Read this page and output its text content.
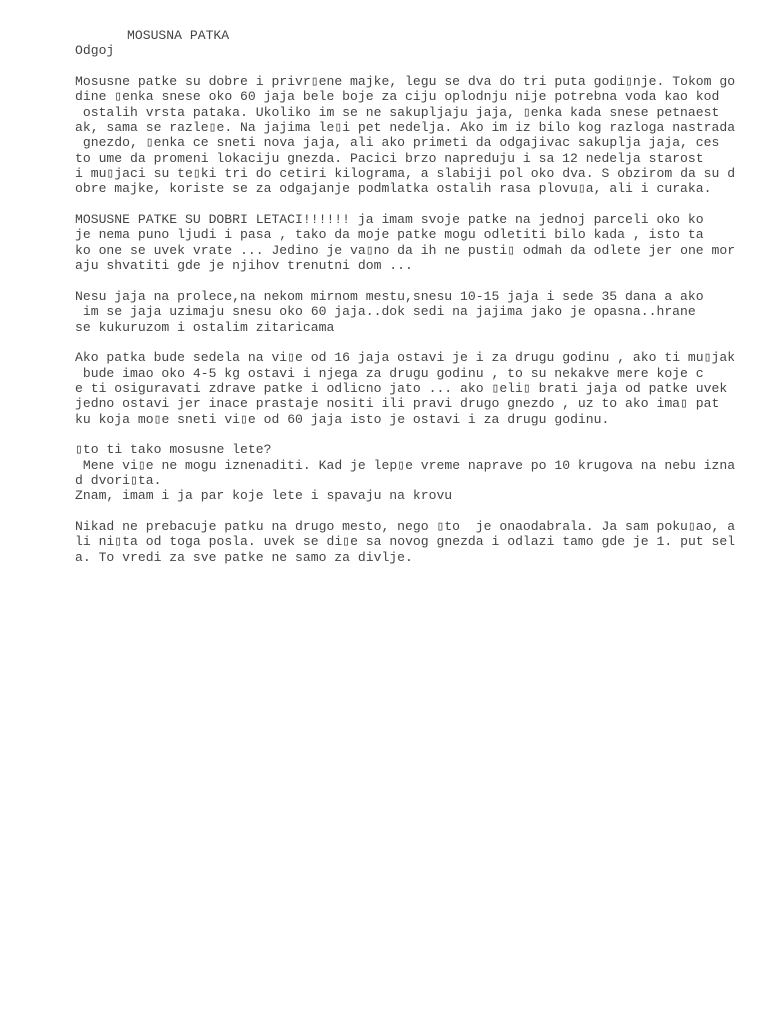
MOSUSNA PATKA
Odgoj
Mosusne patke su dobre i privr▯ene majke, legu se dva do tri puta godi▯nje. Tokom go
dine ▯enka snese oko 60 jaja bele boje za ciju oplodnju nije potrebna voda kao kod
ostalih vrsta pataka. Ukoliko im se ne sakupljaju jaja, ▯enka kada snese petnaest
ak, sama se razle▯e. Na jajima le▯i pet nedelja. Ako im iz bilo kog razloga nastrada
gnezdo, ▯enka ce sneti nova jaja, ali ako primeti da odgajivac sakuplja jaja, ces
to ume da promeni lokaciju gnezda. Pacici brzo napreduju i sa 12 nedelja starost
i mu▯jaci su te▯ki tri do cetiri kilograma, a slabiji pol oko dva. S obzirom da su d
obre majke, koriste se za odgajanje podmlatka ostalih rasa plovu▯a, ali i curaka.
MOSUSNE PATKE SU DOBRI LETACI!!!!!! ja imam svoje patke na jednoj parceli oko ko
je nema puno ljudi i pasa , tako da moje patke mogu odletiti bilo kada , isto ta
ko one se uvek vrate ... Jedino je va▯no da ih ne pusti▯ odmah da odlete jer one mor
aju shvatiti gde je njihov trenutni dom ...
Nesu jaja na prolece,na nekom mirnom mestu,snesu 10-15 jaja i sede 35 dana a ako
im se jaja uzimaju snesu oko 60 jaja..dok sedi na jajima jako je opasna..hrane
se kukuruzom i ostalim zitaricama
Ako patka bude sedela na vi▯e od 16 jaja ostavi je i za drugu godinu , ako ti mu▯jak
bude imao oko 4-5 kg ostavi i njega za drugu godinu , to su nekakve mere koje c
e ti osiguravati zdrave patke i odlicno jato ... ako ▯eli▯ brati jaja od patke uvek
jedno ostavi jer inace prastaje nositi ili pravi drugo gnezdo , uz to ako ima▯ pat
ku koja mo▯e sneti vi▯e od 60 jaja isto je ostavi i za drugu godinu.
▯to ti tako mosusne lete?
Mene vi▯e ne mogu iznenaditi. Kad je lep▯e vreme naprave po 10 krugova na nebu izna
d dvori▯ta.
Znam, imam i ja par koje lete i spavaju na krovu
Nikad ne prebacuje patku na drugo mesto, nego ▯to  je onaodabrala. Ja sam poku▯ao, a
li ni▯ta od toga posla. uvek se di▯e sa novog gnezda i odlazi tamo gde je 1. put sel
a. To vredi za sve patke ne samo za divlje.
